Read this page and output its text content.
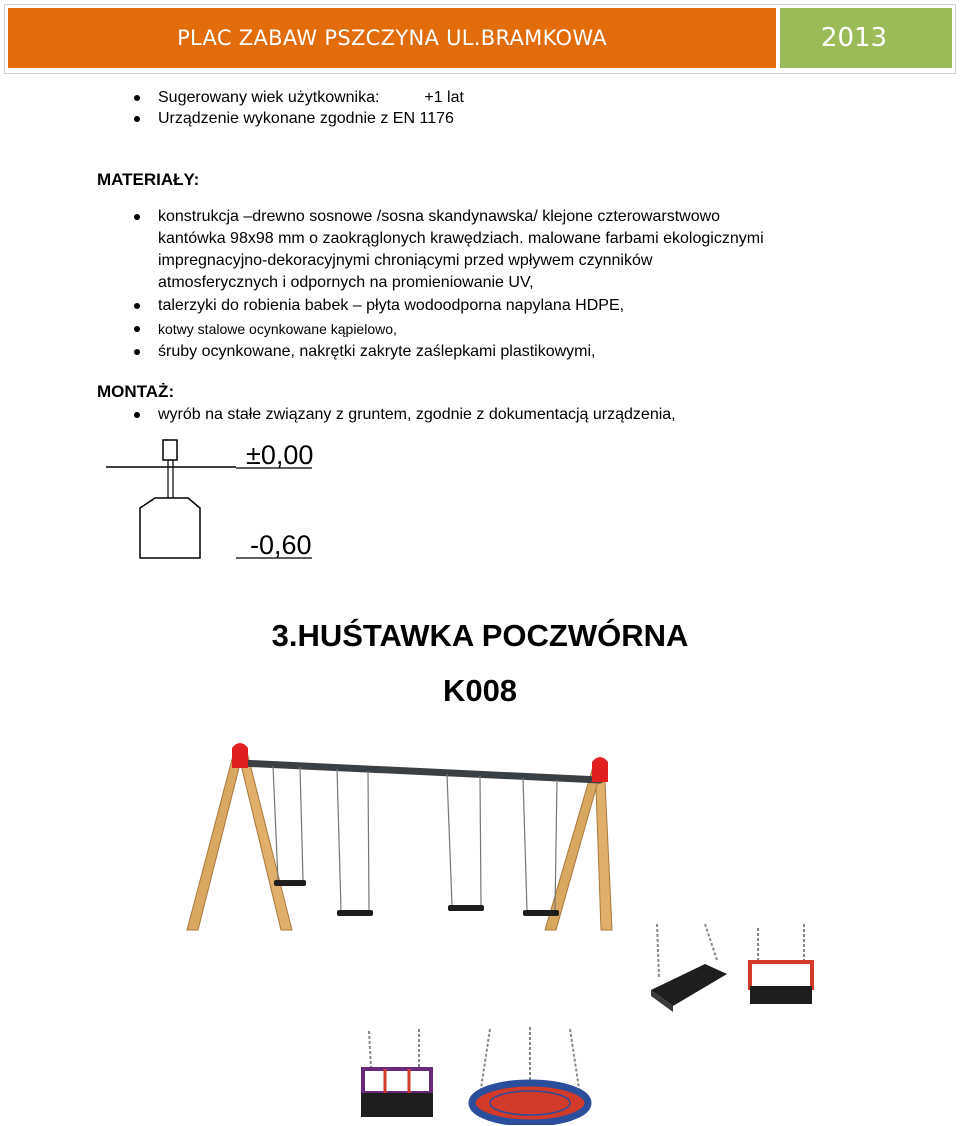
PLAC ZABAW PSZCZYNA UL.BRAMKOWA	2013
Sugerowany wiek użytkownika:	+1 lat
Urządzenie wykonane zgodnie z EN 1176
MATERIAŁY:
konstrukcja –drewno sosnowe /sosna skandynawska/ klejone czterowarstwowo
kantówka 98x98 mm o zaokrąglonych krawędziach. malowane farbami ekologicznymi
impregnacyjno-dekoracyjnymi chroniącymi przed wpływem czynników
atmosferycznych i odpornych na promieniowanie UV,
talerzyki do robienia babek – płyta wodoodporna napylana HDPE,
kotwy stalowe ocynkowane kąpielowo,
śruby ocynkowane, nakrętki zakryte zaślepkami plastikowymi,
MONTAŻ:
wyrób na stałe związany z gruntem, zgodnie z dokumentacją urządzenia,
±0,00
-0,60
3.HUŚTAWKA POCZWÓRNA
K008
